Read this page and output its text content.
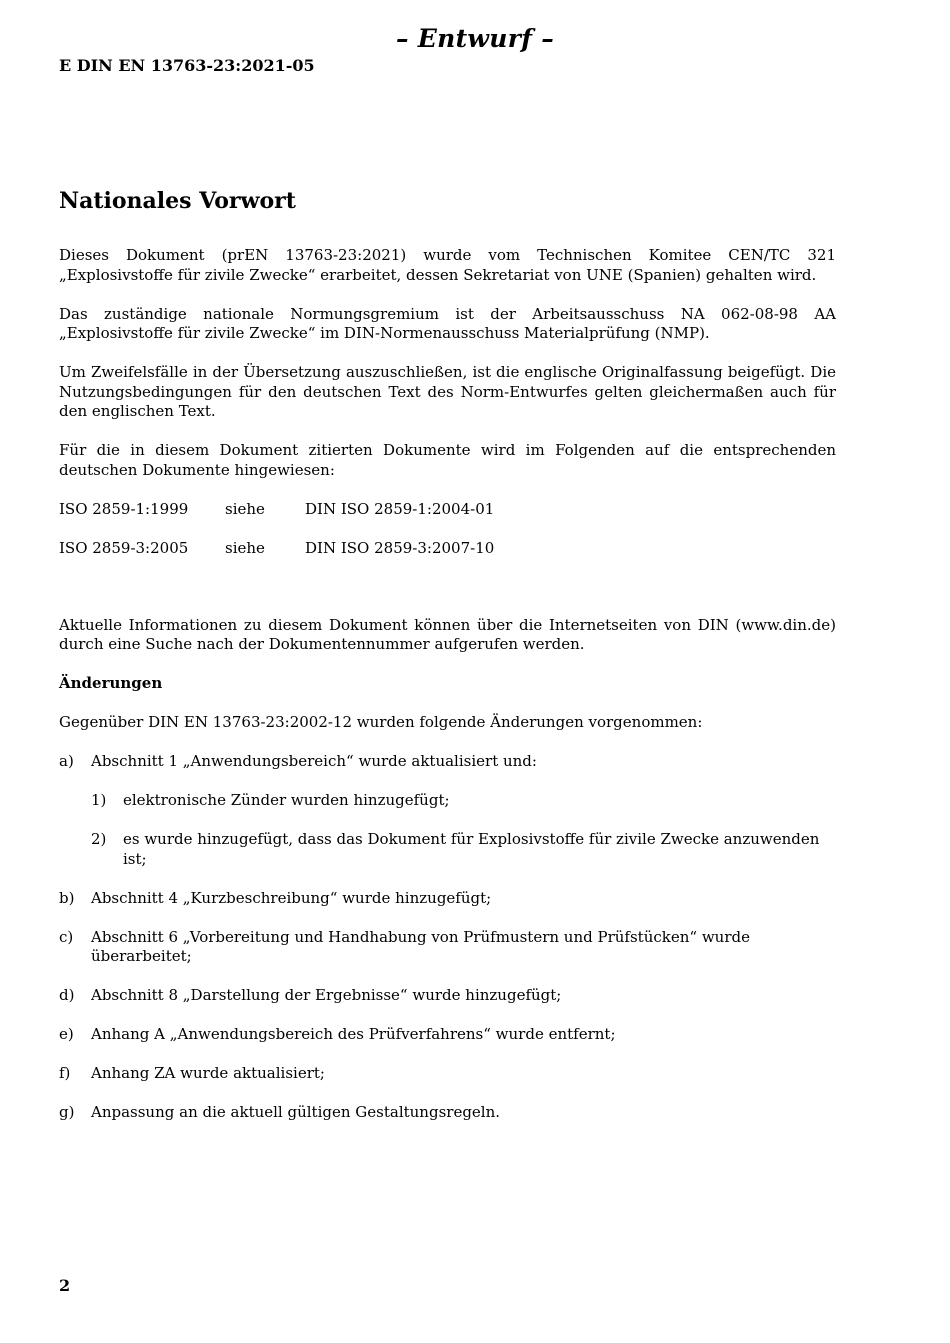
– Entwurf –
E DIN EN 13763-23:2021-05
Nationales Vorwort

Dieses Dokument (prEN 13763-23:2021) wurde vom Technischen Komitee CEN/TC 321 „Explosivstoffe für zivile Zwecke“ erarbeitet, dessen Sekretariat von UNE (Spanien) gehalten wird.

Das zuständige nationale Normungsgremium ist der Arbeitsausschuss NA 062-08-98 AA „Explosivstoffe für zivile Zwecke“ im DIN-Normenausschuss Materialprüfung (NMP).

Um Zweifelsfälle in der Übersetzung auszuschließen, ist die englische Originalfassung beigefügt. Die Nutzungsbedingungen für den deutschen Text des Norm-Entwurfes gelten gleichermaßen auch für den englischen Text.

Für die in diesem Dokument zitierten Dokumente wird im Folgenden auf die entsprechenden deutschen Dokumente hingewiesen:

ISO 2859-1:1999	siehe	DIN ISO 2859-1:2004-01
ISO 2859-3:2005	siehe	DIN ISO 2859-3:2007-10

Aktuelle Informationen zu diesem Dokument können über die Internetseiten von DIN (www.din.de) durch eine Suche nach der Dokumentennummer aufgerufen werden.

Änderungen

Gegenüber DIN EN 13763-23:2002-12 wurden folgende Änderungen vorgenommen:

a)	Abschnitt 1 „Anwendungsbereich“ wurde aktualisiert und:
1)	elektronische Zünder wurden hinzugefügt;
2)	es wurde hinzugefügt, dass das Dokument für Explosivstoffe für zivile Zwecke anzuwenden ist;
b)	Abschnitt 4 „Kurzbeschreibung“ wurde hinzugefügt;
c)	Abschnitt 6 „Vorbereitung und Handhabung von Prüfmustern und Prüfstücken“ wurde überarbeitet;
d)	Abschnitt 8 „Darstellung der Ergebnisse“ wurde hinzugefügt;
e)	Anhang A „Anwendungsbereich des Prüfverfahrens“ wurde entfernt;
f)	Anhang ZA wurde aktualisiert;
g)	Anpassung an die aktuell gültigen Gestaltungsregeln.
2
